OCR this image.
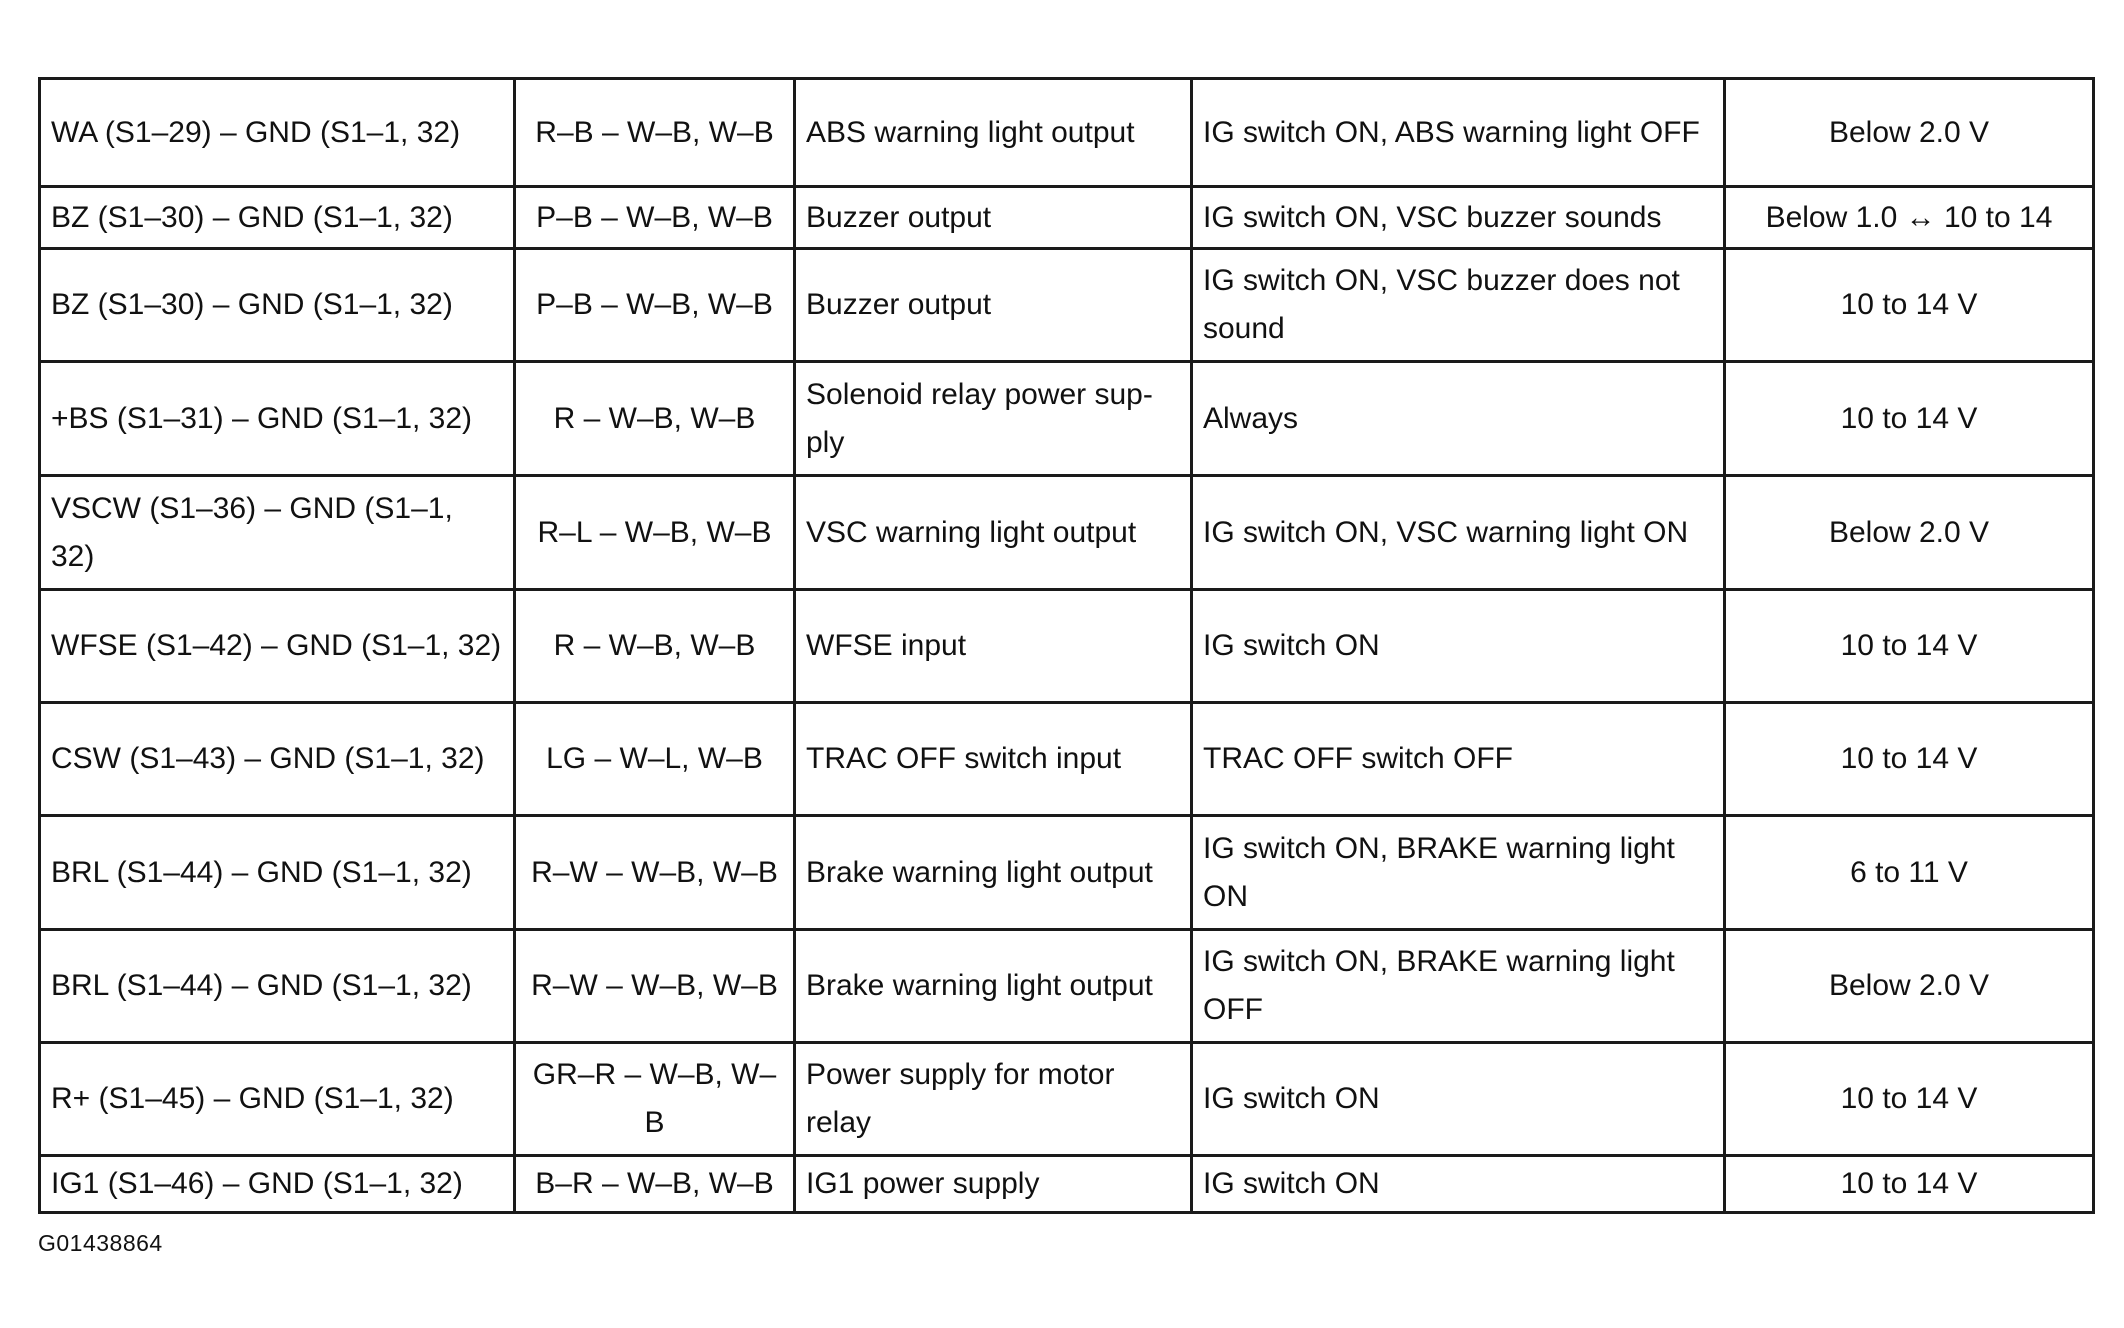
WA (S1–29) – GND (S1–1, 32)	R–B – W–B, W–B	ABS warning light output	IG switch ON, ABS warning light OFF	Below 2.0 V
BZ (S1–30) – GND (S1–1, 32)	P–B – W–B, W–B	Buzzer output	IG switch ON, VSC buzzer sounds	Below 1.0 ↔ 10 to 14
BZ (S1–30) – GND (S1–1, 32)	P–B – W–B, W–B	Buzzer output	IG switch ON, VSC buzzer does not sound	10 to 14 V
+BS (S1–31) – GND (S1–1, 32)	R – W–B, W–B	Solenoid relay power sup-ply	Always	10 to 14 V
VSCW (S1–36) – GND (S1–1, 32)	R–L – W–B, W–B	VSC warning light output	IG switch ON, VSC warning light ON	Below 2.0 V
WFSE (S1–42) – GND (S1–1, 32)	R – W–B, W–B	WFSE input	IG switch ON	10 to 14 V
CSW (S1–43) – GND (S1–1, 32)	LG – W–L, W–B	TRAC OFF switch input	TRAC OFF switch OFF	10 to 14 V
BRL (S1–44) – GND (S1–1, 32)	R–W – W–B, W–B	Brake warning light output	IG switch ON, BRAKE warning light ON	6 to 11 V
BRL (S1–44) – GND (S1–1, 32)	R–W – W–B, W–B	Brake warning light output	IG switch ON, BRAKE warning light OFF	Below 2.0 V
R+ (S1–45) – GND (S1–1, 32)	GR–R – W–B, W–B	Power supply for motor relay	IG switch ON	10 to 14 V
IG1 (S1–46) – GND (S1–1, 32)	B–R – W–B, W–B	IG1 power supply	IG switch ON	10 to 14 V
G01438864
